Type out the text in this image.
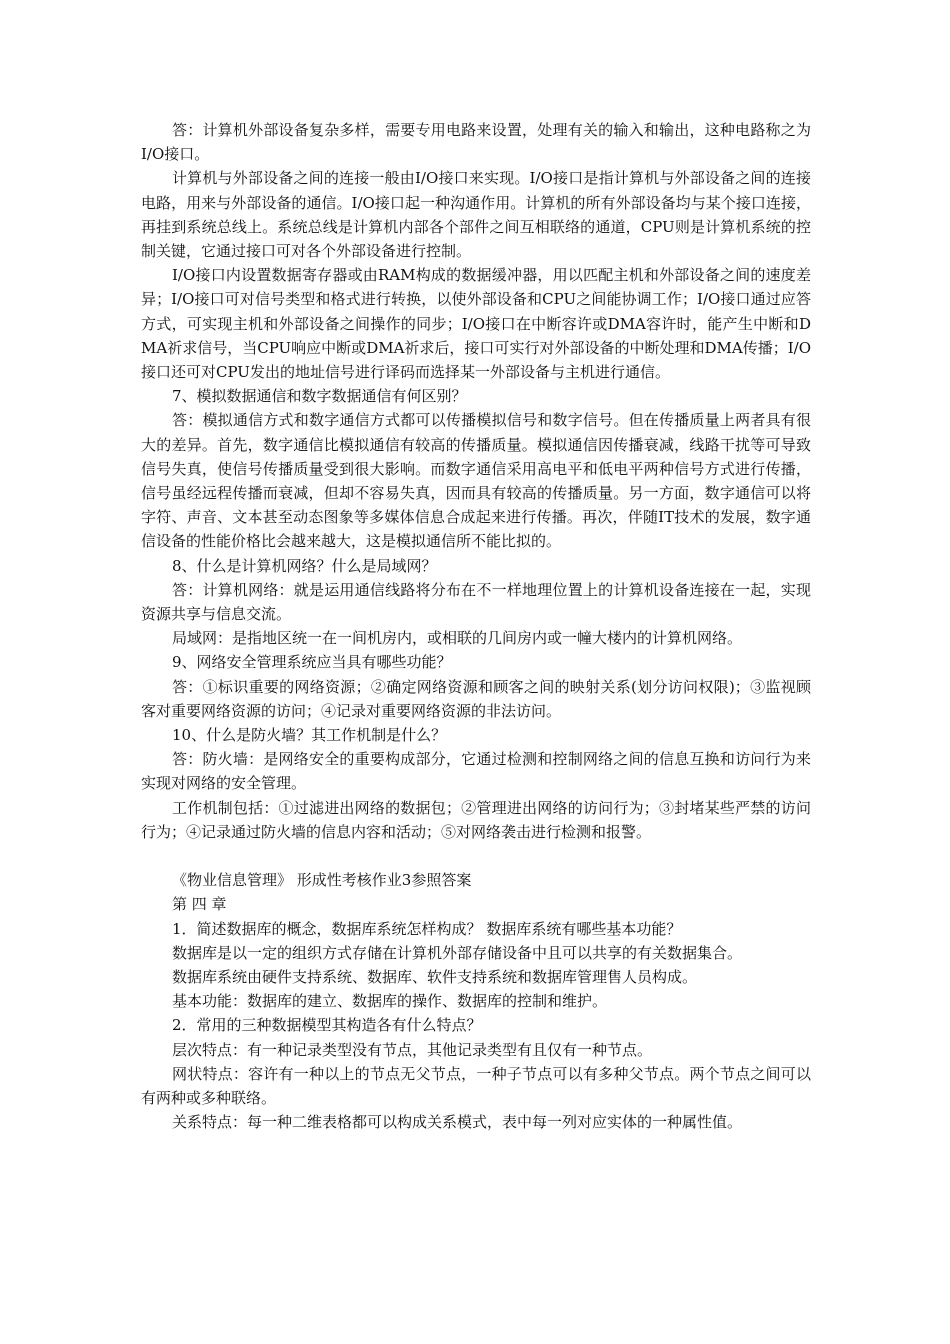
答：计算机外部设备复杂多样，需要专用电路来设置，处理有关的输入和输出，这种电路称之为I/O接口。

计算机与外部设备之间的连接一般由I/O接口来实现。I/O接口是指计算机与外部设备之间的连接电路，用来与外部设备的通信。I/O接口起一种沟通作用。计算机的所有外部设备均与某个接口连接，再挂到系统总线上。系统总线是计算机内部各个部件之间互相联络的通道，CPU则是计算机系统的控制关键，它通过接口可对各个外部设备进行控制。

I/O接口内设置数据寄存器或由RAM构成的数据缓冲器，用以匹配主机和外部设备之间的速度差异；I/O接口可对信号类型和格式进行转换，以使外部设备和CPU之间能协调工作；I/O接口通过应答方式，可实现主机和外部设备之间操作的同步；I/O接口在中断容许或DMA容许时，能产生中断和DMA祈求信号，当CPU响应中断或DMA祈求后，接口可实行对外部设备的中断处理和DMA传播；I/O接口还可对CPU发出的地址信号进行译码而选择某一外部设备与主机进行通信。

7、模拟数据通信和数字数据通信有何区别？

答：模拟通信方式和数字通信方式都可以传播模拟信号和数字信号。但在传播质量上两者具有很大的差异。首先，数字通信比模拟通信有较高的传播质量。模拟通信因传播衰减，线路干扰等可导致信号失真，使信号传播质量受到很大影响。而数字通信采用高电平和低电平两种信号方式进行传播，信号虽经远程传播而衰减，但却不容易失真，因而具有较高的传播质量。另一方面，数字通信可以将字符、声音、文本甚至动态图象等多媒体信息合成起来进行传播。再次，伴随IT技术的发展，数字通信设备的性能价格比会越来越大，这是模拟通信所不能比拟的。

8、什么是计算机网络？什么是局域网？

答：计算机网络：就是运用通信线路将分布在不一样地理位置上的计算机设备连接在一起，实现资源共享与信息交流。

局域网：是指地区统一在一间机房内，或相联的几间房内或一幢大楼内的计算机网络。

9、网络安全管理系统应当具有哪些功能？

答：①标识重要的网络资源；②确定网络资源和顾客之间的映射关系(划分访问权限)；③监视顾客对重要网络资源的访问；④记录对重要网络资源的非法访问。

10、什么是防火墙？其工作机制是什么？

答：防火墙：是网络安全的重要构成部分，它通过检测和控制网络之间的信息互换和访问行为来实现对网络的安全管理。

工作机制包括：①过滤进出网络的数据包；②管理进出网络的访问行为；③封堵某些严禁的访问行为；④记录通过防火墙的信息内容和活动；⑤对网络袭击进行检测和报警。

《物业信息管理》 形成性考核作业3参照答案

第 四 章

1．简述数据库的概念，数据库系统怎样构成？ 数据库系统有哪些基本功能？

数据库是以一定的组织方式存储在计算机外部存储设备中且可以共享的有关数据集合。

数据库系统由硬件支持系统、数据库、软件支持系统和数据库管理售人员构成。

基本功能：数据库的建立、数据库的操作、数据库的控制和维护。

2．常用的三种数据模型其构造各有什么特点？

层次特点：有一种记录类型没有节点，其他记录类型有且仅有一种节点。

网状特点：容许有一种以上的节点无父节点，一种子节点可以有多种父节点。两个节点之间可以有两种或多种联络。

关系特点：每一种二维表格都可以构成关系模式，表中每一列对应实体的一种属性值。
